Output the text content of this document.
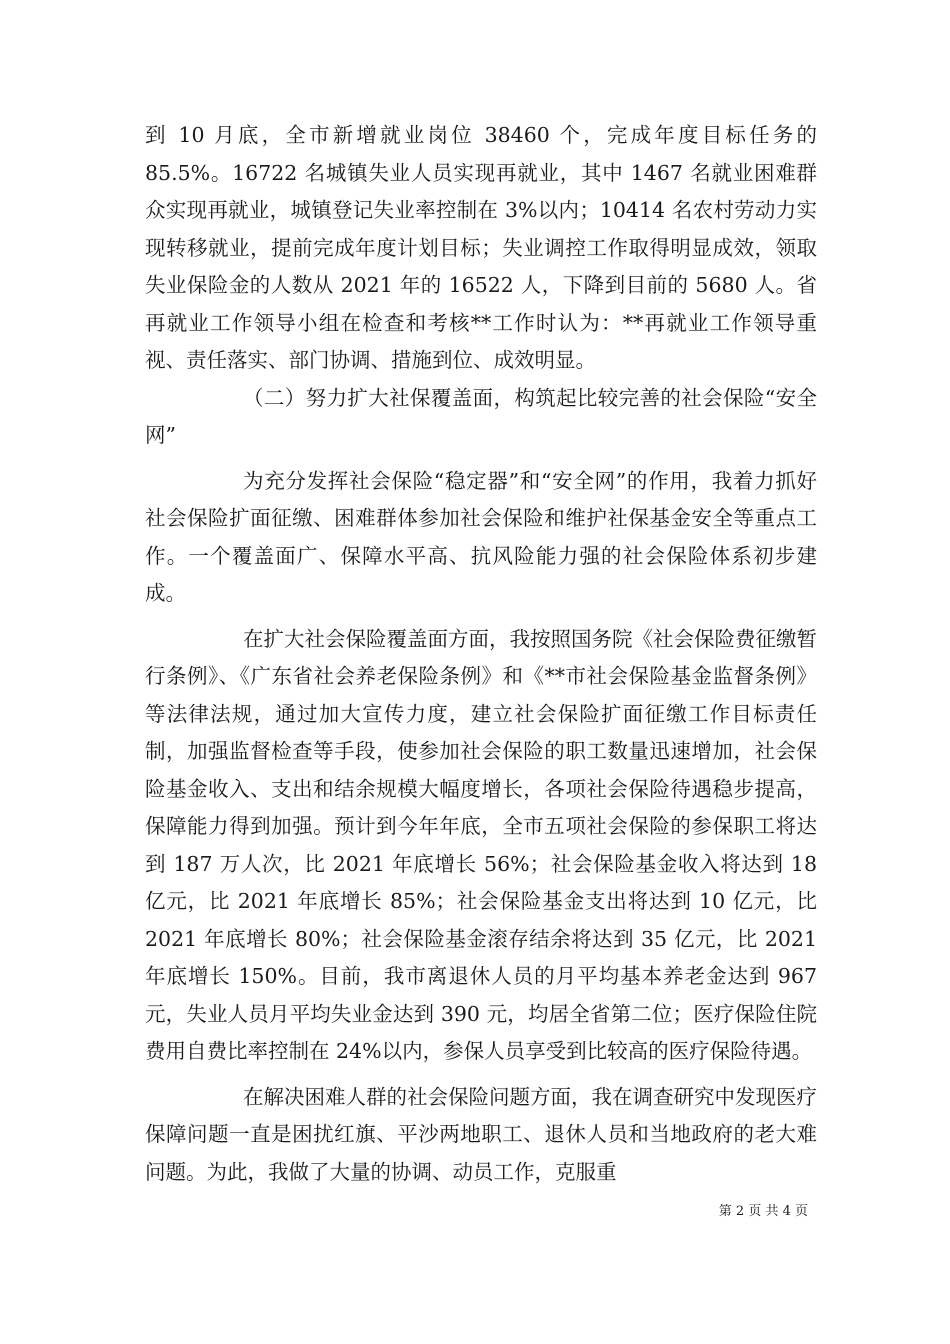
到 10 月底，全市新增就业岗位 38460 个，完成年度目标任务的 85.5%。16722 名城镇失业人员实现再就业，其中 1467 名就业困难群众实现再就业，城镇登记失业率控制在 3%以内；10414 名农村劳动力实现转移就业，提前完成年度计划目标；失业调控工作取得明显成效，领取失业保险金的人数从 2021 年的 16522 人，下降到目前的 5680 人。省再就业工作领导小组在检查和考核**工作时认为：**再就业工作领导重视、责任落实、部门协调、措施到位、成效明显。

（二）努力扩大社保覆盖面，构筑起比较完善的社会保险“安全网”

为充分发挥社会保险“稳定器”和“安全网”的作用，我着力抓好社会保险扩面征缴、困难群体参加社会保险和维护社保基金安全等重点工作。一个覆盖面广、保障水平高、抗风险能力强的社会保险体系初步建成。

在扩大社会保险覆盖面方面，我按照国务院《社会保险费征缴暂行条例》、《广东省社会养老保险条例》和《**市社会保险基金监督条例》等法律法规，通过加大宣传力度，建立社会保险扩面征缴工作目标责任制，加强监督检查等手段，使参加社会保险的职工数量迅速增加，社会保险基金收入、支出和结余规模大幅度增长，各项社会保险待遇稳步提高，保障能力得到加强。预计到今年年底，全市五项社会保险的参保职工将达到 187 万人次，比 2021 年底增长 56%；社会保险基金收入将达到 18 亿元，比 2021 年底增长 85%；社会保险基金支出将达到 10 亿元，比 2021 年底增长 80%；社会保险基金滚存结余将达到 35 亿元，比 2021 年底增长 150%。目前，我市离退休人员的月平均基本养老金达到 967 元，失业人员月平均失业金达到 390 元，均居全省第二位；医疗保险住院费用自费比率控制在 24%以内，参保人员享受到比较高的医疗保险待遇。

在解决困难人群的社会保险问题方面，我在调查研究中发现医疗保障问题一直是困扰红旗、平沙两地职工、退休人员和当地政府的老大难问题。为此，我做了大量的协调、动员工作，克服重

第 2 页 共 4 页
